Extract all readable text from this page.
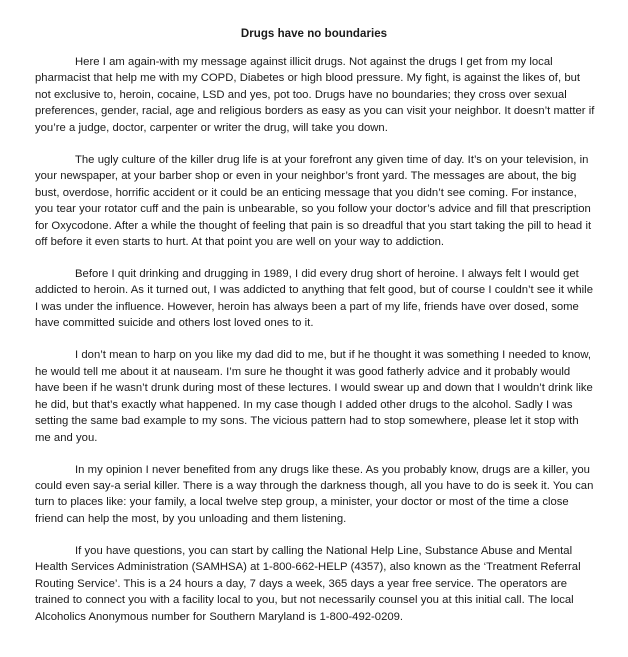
Drugs have no boundaries

Here I am again-with my message against illicit drugs. Not against the drugs I get from my local pharmacist that help me with my COPD, Diabetes or high blood pressure. My fight, is against the likes of, but not exclusive to, heroin, cocaine, LSD and yes, pot too. Drugs have no boundaries; they cross over sexual preferences, gender, racial, age and religious borders as easy as you can visit your neighbor. It doesn’t matter if you’re a judge, doctor, carpenter or writer the drug, will take you down.

The ugly culture of the killer drug life is at your forefront any given time of day. It’s on your television, in your newspaper, at your barber shop or even in your neighbor’s front yard. The messages are about, the big bust, overdose, horrific accident or it could be an enticing message that you didn’t see coming. For instance, you tear your rotator cuff and the pain is unbearable, so you follow your doctor’s advice and fill that prescription for Oxycodone. After a while the thought of feeling that pain is so dreadful that you start taking the pill to head it off before it even starts to hurt. At that point you are well on your way to addiction.

Before I quit drinking and drugging in 1989, I did every drug short of heroine. I always felt I would get addicted to heroin. As it turned out, I was addicted to anything that felt good, but of course I couldn’t see it while I was under the influence. However, heroin has always been a part of my life, friends have over dosed, some have committed suicide and others lost loved ones to it.

I don’t mean to harp on you like my dad did to me, but if he thought it was something I needed to know, he would tell me about it at nauseam. I’m sure he thought it was good fatherly advice and it probably would have been if he wasn’t drunk during most of these lectures. I would swear up and down that I wouldn’t drink like he did, but that’s exactly what happened. In my case though I added other drugs to the alcohol. Sadly I was setting the same bad example to my sons. The vicious pattern had to stop somewhere, please let it stop with me and you.

In my opinion I never benefited from any drugs like these. As you probably know, drugs are a killer, you could even say-a serial killer. There is a way through the darkness though, all you have to do is seek it. You can turn to places like: your family, a local twelve step group, a minister, your doctor or most of the time a close friend can help the most, by you unloading and them listening.

If you have questions, you can start by calling the National Help Line, Substance Abuse and Mental Health Services Administration (SAMHSA) at 1-800-662-HELP (4357), also known as the ‘Treatment Referral Routing Service’. This is a 24 hours a day, 7 days a week, 365 days a year free service. The operators are trained to connect you with a facility local to you, but not necessarily counsel you at this initial call. The local Alcoholics Anonymous number for Southern Maryland is 1-800-492-0209.
